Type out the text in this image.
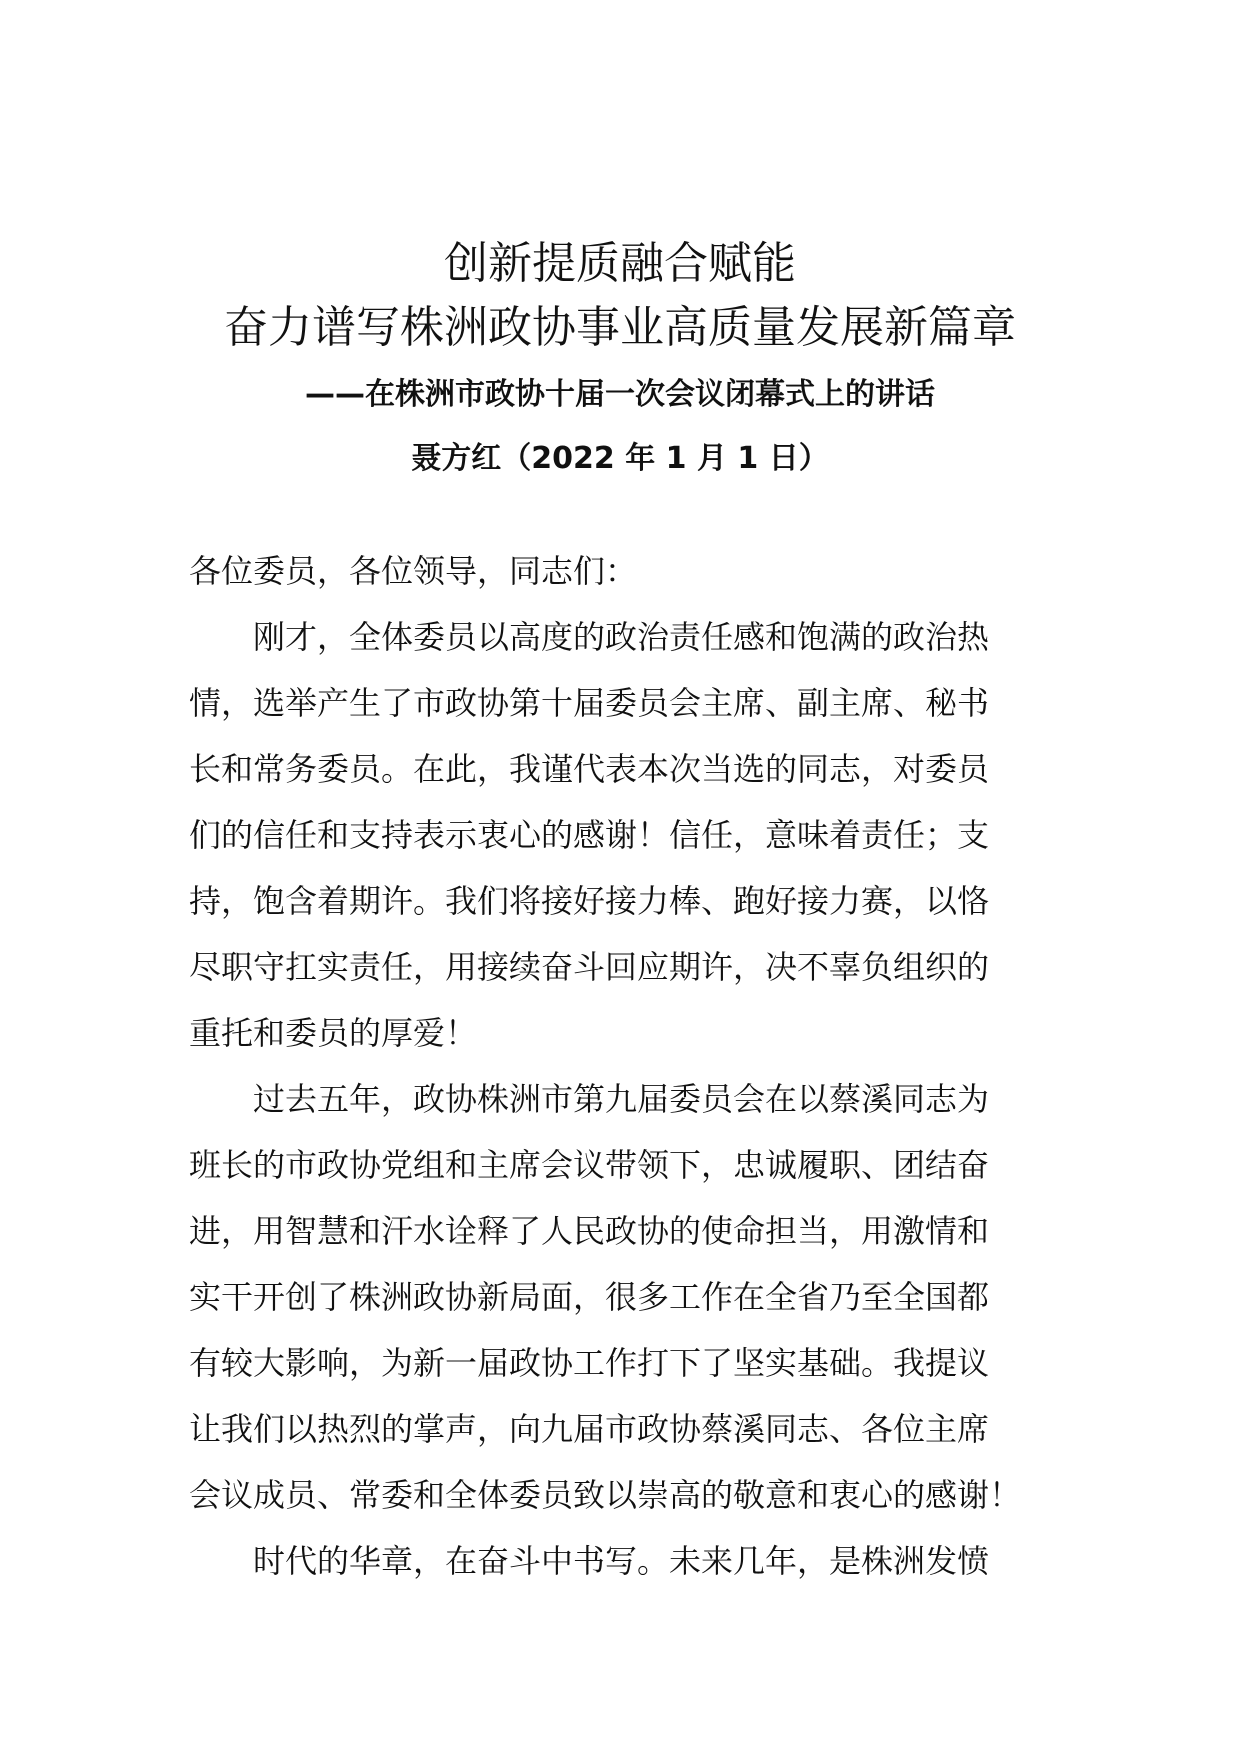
创新提质融合赋能
奋力谱写株洲政协事业高质量发展新篇章
——在株洲市政协十届一次会议闭幕式上的讲话
聂方红（2022 年 1 月 1 日）
各位委员，各位领导，同志们：
　　刚才，全体委员以高度的政治责任感和饱满的政治热
情，选举产生了市政协第十届委员会主席、副主席、秘书
长和常务委员。在此，我谨代表本次当选的同志，对委员
们的信任和支持表示衷心的感谢！信任，意味着责任；支
持，饱含着期许。我们将接好接力棒、跑好接力赛，以恪
尽职守扛实责任，用接续奋斗回应期许，决不辜负组织的
重托和委员的厚爱！
　　过去五年，政协株洲市第九届委员会在以蔡溪同志为
班长的市政协党组和主席会议带领下，忠诚履职、团结奋
进，用智慧和汗水诠释了人民政协的使命担当，用激情和
实干开创了株洲政协新局面，很多工作在全省乃至全国都
有较大影响，为新一届政协工作打下了坚实基础。我提议
让我们以热烈的掌声，向九届市政协蔡溪同志、各位主席
会议成员、常委和全体委员致以崇高的敬意和衷心的感谢！
　　时代的华章，在奋斗中书写。未来几年，是株洲发愤
